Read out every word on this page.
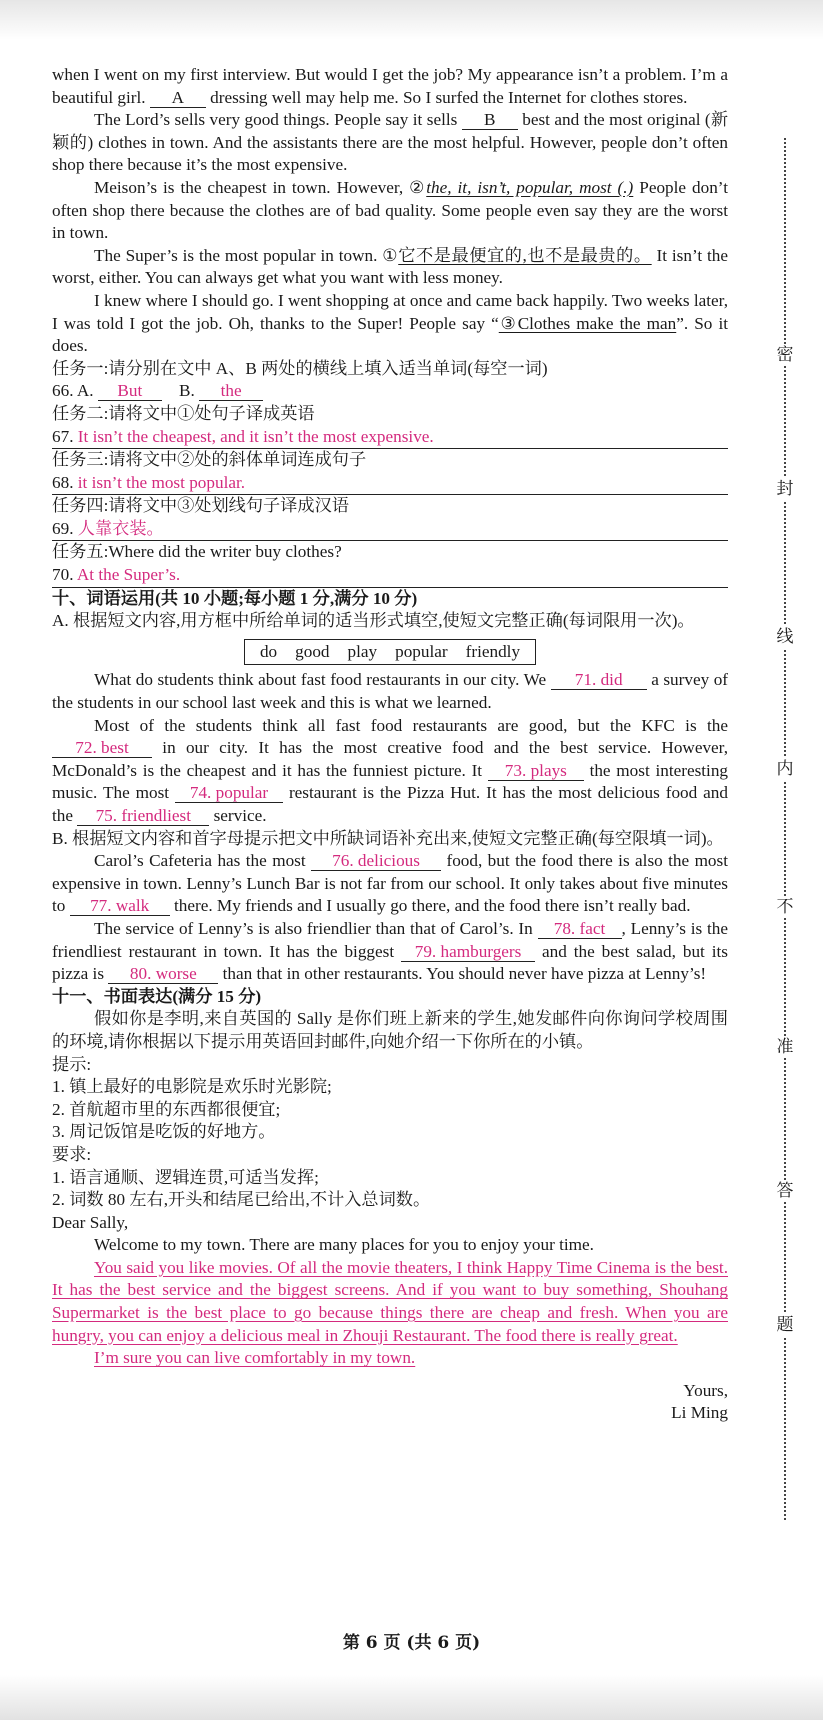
when I went on my first interview. But would I get the job? My appearance isn’t a problem. I’m a beautiful girl. A dressing well may help me. So I surfed the Internet for clothes stores.

The Lord’s sells very good things. People say it sells B best and the most original (新颖的) clothes in town. And the assistants there are the most helpful. However, people don’t often shop there because it’s the most expensive.

Meison’s is the cheapest in town. However, ②the, it, isn’t, popular, most (.) People don’t often shop there because the clothes are of bad quality. Some people even say they are the worst in town.

The Super’s is the most popular in town. ①它不是最便宜的,也不是最贵的。 It isn’t the worst, either. You can always get what you want with less money.

I knew where I should go. I went shopping at once and came back happily. Two weeks later, I was told I got the job. Oh, thanks to the Super! People say “③Clothes make the man”. So it does.

任务一:请分别在文中 A、B 两处的横线上填入适当单词(每空一词)

66. A. But B. the

任务二:请将文中①处句子译成英语

67. It isn’t the cheapest, and it isn’t the most expensive.

任务三:请将文中②处的斜体单词连成句子

68. it isn’t the most popular.

任务四:请将文中③处划线句子译成汉语

69. 人靠衣装。

任务五:Where did the writer buy clothes?

70. At the Super’s.

十、词语运用(共 10 小题;每小题 1 分,满分 10 分)

A. 根据短文内容,用方框中所给单词的适当形式填空,使短文完整正确(每词限用一次)。

do good play popular friendly

What do students think about fast food restaurants in our city. We 71. did a survey of the students in our school last week and this is what we learned.

Most of the students think all fast food restaurants are good, but the KFC is the 72. best in our city. It has the most creative food and the best service. However, McDonald’s is the cheapest and it has the funniest picture. It 73. plays the most interesting music. The most 74. popular restaurant is the Pizza Hut. It has the most delicious food and the 75. friendliest service.

B. 根据短文内容和首字母提示把文中所缺词语补充出来,使短文完整正确(每空限填一词)。

Carol’s Cafeteria has the most 76. delicious food, but the food there is also the most expensive in town. Lenny’s Lunch Bar is not far from our school. It only takes about five minutes to 77. walk there. My friends and I usually go there, and the food there isn’t really bad.

The service of Lenny’s is also friendlier than that of Carol’s. In 78. fact , Lenny’s is the friendliest restaurant in town. It has the biggest 79. hamburgers and the best salad, but its pizza is 80. worse than that in other restaurants. You should never have pizza at Lenny’s!

十一、书面表达(满分 15 分)

假如你是李明,来自英国的 Sally 是你们班上新来的学生,她发邮件向你询问学校周围的环境,请你根据以下提示用英语回封邮件,向她介绍一下你所在的小镇。

提示:

1. 镇上最好的电影院是欢乐时光影院;

2. 首航超市里的东西都很便宜;

3. 周记饭馆是吃饭的好地方。

要求:

1. 语言通顺、逻辑连贯,可适当发挥;

2. 词数 80 左右,开头和结尾已给出,不计入总词数。

Dear Sally,

Welcome to my town. There are many places for you to enjoy your time.

You said you like movies. Of all the movie theaters, I think Happy Time Cinema is the best. It has the best service and the biggest screens. And if you want to buy something, Shouhang Supermarket is the best place to go because things there are cheap and fresh. When you are hungry, you can enjoy a delicious meal in Zhouji Restaurant. The food there is really great.

I’m sure you can live comfortably in my town.

Yours,

Li Ming

密
封
线
内
不
准
答
题
第 6 页 (共 6 页)
